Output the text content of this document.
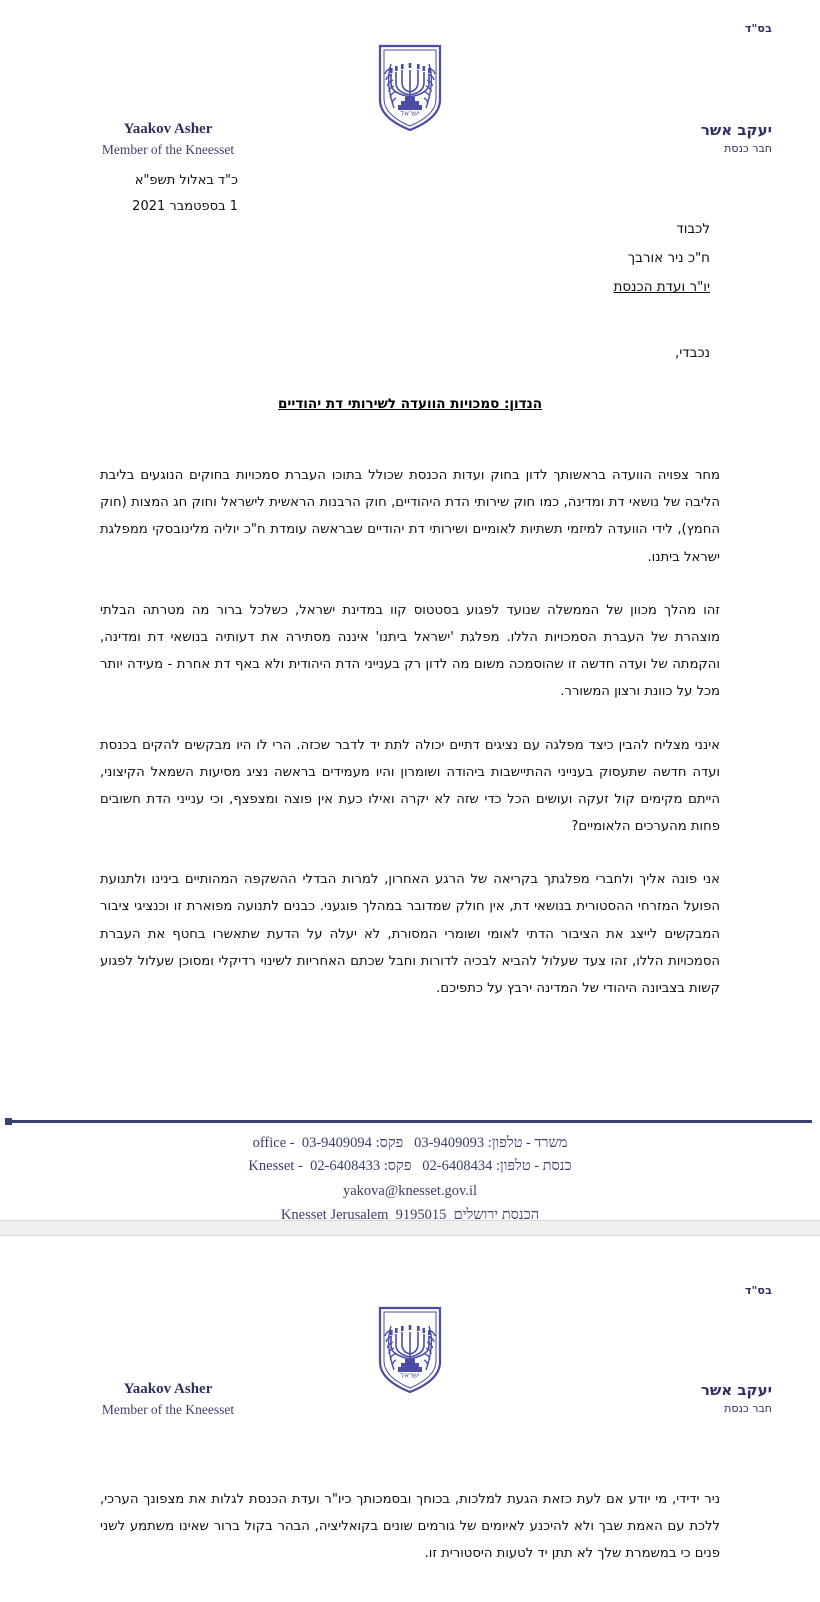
בס"ד
ישראל
יעקב אשר
חבר כנסת
Yaakov Asher
Member of the Kneesset
כ"ד באלול תשפ"א
1 בספטמבר 2021
לכבוד
ח"כ ניר אורבך
יו"ר ועדת הכנסת
נכבדי,
הנדון: סמכויות הוועדה לשירותי דת יהודיים

מחר צפויה הוועדה בראשותך לדון בחוק ועדות הכנסת שכולל בתוכו העברת סמכויות בחוקים הנוגעים בליבת הליבה של נושאי דת ומדינה, כמו חוק שירותי הדת היהודיים, חוק הרבנות הראשית לישראל וחוק חג המצות (חוק החמץ), לידי הוועדה למיזמי תשתיות לאומיים ושירותי דת יהודיים שבראשה עומדת ח"כ יוליה מלינובסקי ממפלגת ישראל ביתנו.

זהו מהלך מכוון של הממשלה שנועד לפגוע בסטטוס קוו במדינת ישראל, כשלכל ברור מה מטרתה הבלתי מוצהרת של העברת הסמכויות הללו. מפלגת 'ישראל ביתנו' איננה מסתירה את דעותיה בנושאי דת ומדינה, והקמתה של ועדה חדשה זו שהוסמכה משום מה לדון רק בענייני הדת היהודית ולא באף דת אחרת - מעידה יותר מכל על כוונת ורצון המשורר.

אינני מצליח להבין כיצד מפלגה עם נציגים דתיים יכולה לתת יד לדבר שכזה. הרי לו היו מבקשים להקים בכנסת ועדה חדשה שתעסוק בענייני ההתיישבות ביהודה ושומרון והיו מעמידים בראשה נציג מסיעות השמאל הקיצוני, הייתם מקימים קול זעקה ועושים הכל כדי שזה לא יקרה ואילו כעת אין פוצה ומצפצף, וכי ענייני הדת חשובים פחות מהערכים הלאומיים?

אני פונה אליך ולחברי מפלגתך בקריאה של הרגע האחרון, למרות הבדלי ההשקפה המהותיים בינינו ולתנועת הפועל המזרחי ההסטורית בנושאי דת, אין חולק שמדובר במהלך פוגעני. כבנים לתנועה מפוארת זו וכנציגי ציבור המבקשים לייצג את הציבור הדתי לאומי ושומרי המסורת, לא יעלה על הדעת שתאשרו בחטף את העברת הסמכויות הללו, זהו צעד שעלול להביא לבכיה לדורות וחבל שכתם האחריות לשינוי רדיקלי ומסוכן שעלול לפגוע קשות בצביונה היהודי של המדינה ירבץ על כתפיכם.

משרד - טלפון: 03-9409093   פקס: 03-9409094  - office
כנסת - טלפון: 02-6408434   פקס: 02-6408433  - Knesset
yakova@knesset.gov.il
הכנסת ירושלים  9195015  Knesset Jerusalem
בס"ד
ישראל
יעקב אשר
חבר כנסת
Yaakov Asher
Member of the Kneesset

ניר ידידי, מי יודע אם לעת כזאת הגעת למלכות, בכוחך ובסמכותך כיו"ר ועדת הכנסת לגלות את מצפונך הערכי, ללכת עם האמת שבך ולא להיכנע לאיומים של גורמים שונים בקואליציה, הבהר בקול ברור שאינו משתמע לשני פנים כי במשמרת שלך לא תתן יד לטעות היסטורית זו.
